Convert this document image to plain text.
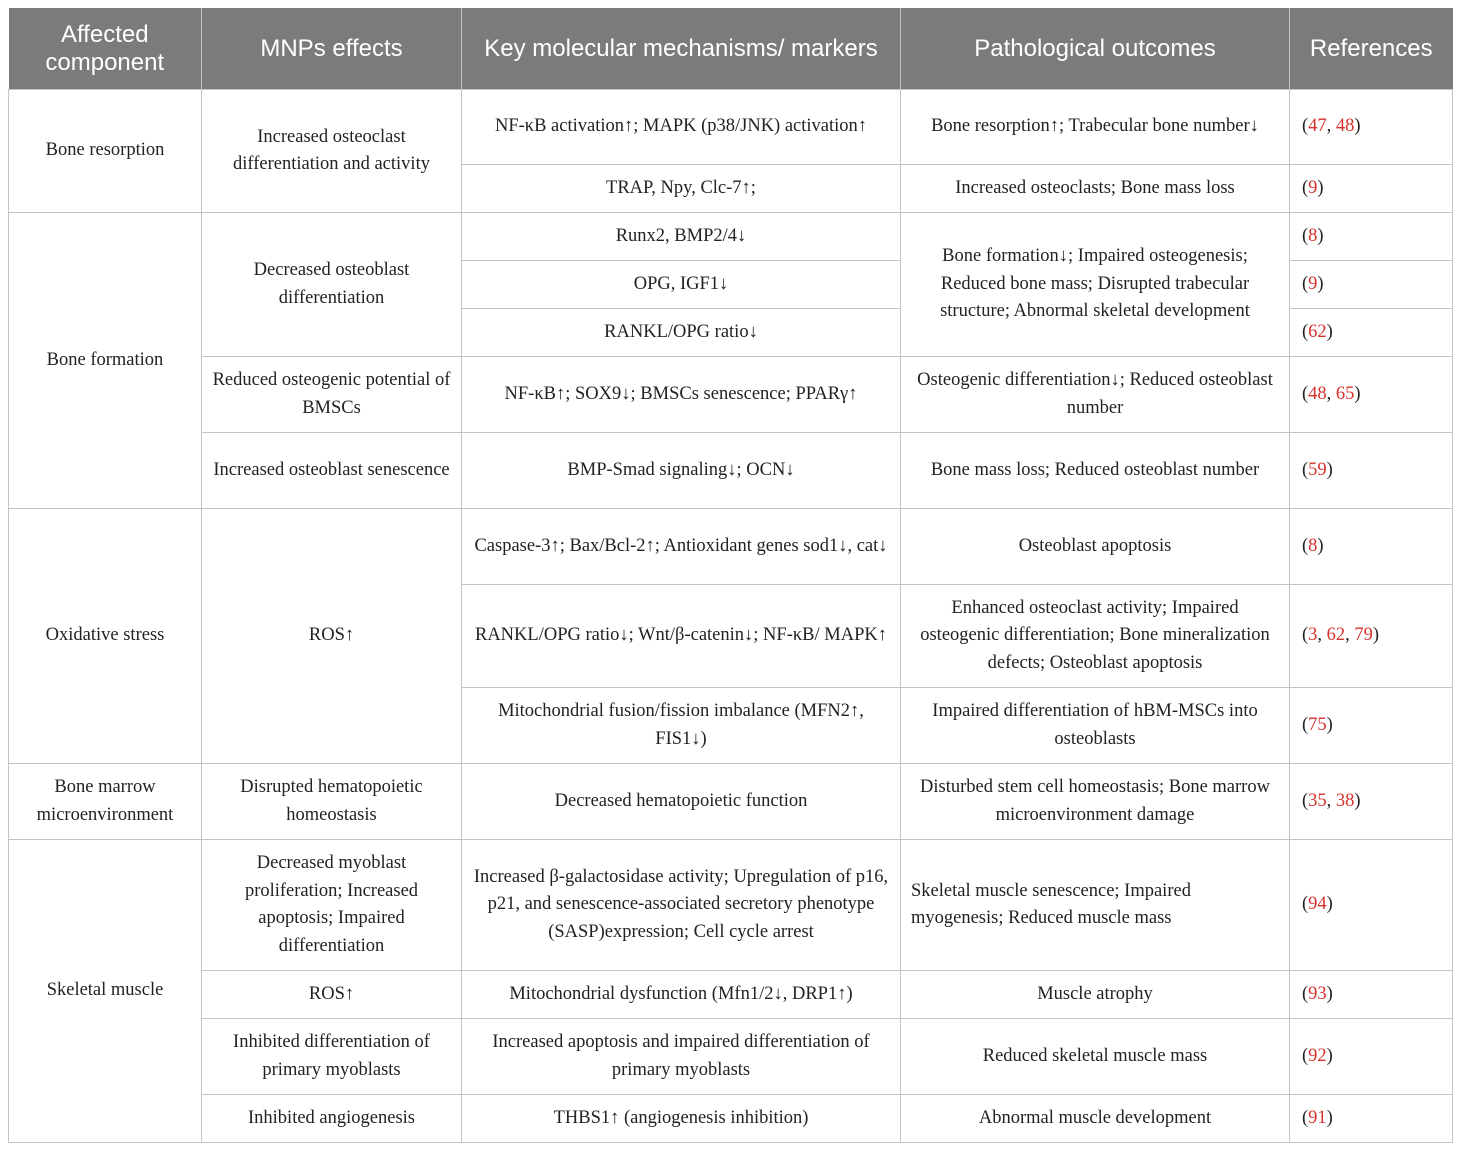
Affected component	MNPs effects	Key molecular mechanisms/ markers	Pathological outcomes	References
Bone resorption	Increased osteoclast differentiation and activity	NF-κB activation↑; MAPK (p38/JNK) activation↑	Bone resorption↑; Trabecular bone number↓	(47, 48)
		TRAP, Npy, Clc-7↑;	Increased osteoclasts; Bone mass loss	(9)
Bone formation	Decreased osteoblast differentiation	Runx2, BMP2/4↓	Bone formation↓; Impaired osteogenesis; Reduced bone mass; Disrupted trabecular structure; Abnormal skeletal development	(8)
		OPG, IGF1↓		(9)
		RANKL/OPG ratio↓		(62)
	Reduced osteogenic potential of BMSCs	NF-κB↑; SOX9↓; BMSCs senescence; PPARγ↑	Osteogenic differentiation↓; Reduced osteoblast number	(48, 65)
	Increased osteoblast senescence	BMP-Smad signaling↓; OCN↓	Bone mass loss; Reduced osteoblast number	(59)
Oxidative stress	ROS↑	Caspase-3↑; Bax/Bcl-2↑; Antioxidant genes sod1↓, cat↓	Osteoblast apoptosis	(8)
		RANKL/OPG ratio↓; Wnt/β-catenin↓; NF-κB/ MAPK↑	Enhanced osteoclast activity; Impaired osteogenic differentiation; Bone mineralization defects; Osteoblast apoptosis	(3, 62, 79)
		Mitochondrial fusion/fission imbalance (MFN2↑, FIS1↓)	Impaired differentiation of hBM-MSCs into osteoblasts	(75)
Bone marrow microenvironment	Disrupted hematopoietic homeostasis	Decreased hematopoietic function	Disturbed stem cell homeostasis; Bone marrow microenvironment damage	(35, 38)
Skeletal muscle	Decreased myoblast proliferation; Increased apoptosis; Impaired differentiation	Increased β-galactosidase activity; Upregulation of p16, p21, and senescence-associated secretory phenotype (SASP)expression; Cell cycle arrest	Skeletal muscle senescence; Impaired myogenesis; Reduced muscle mass	(94)
	ROS↑	Mitochondrial dysfunction (Mfn1/2↓, DRP1↑)	Muscle atrophy	(93)
	Inhibited differentiation of primary myoblasts	Increased apoptosis and impaired differentiation of primary myoblasts	Reduced skeletal muscle mass	(92)
	Inhibited angiogenesis	THBS1↑ (angiogenesis inhibition)	Abnormal muscle development	(91)
